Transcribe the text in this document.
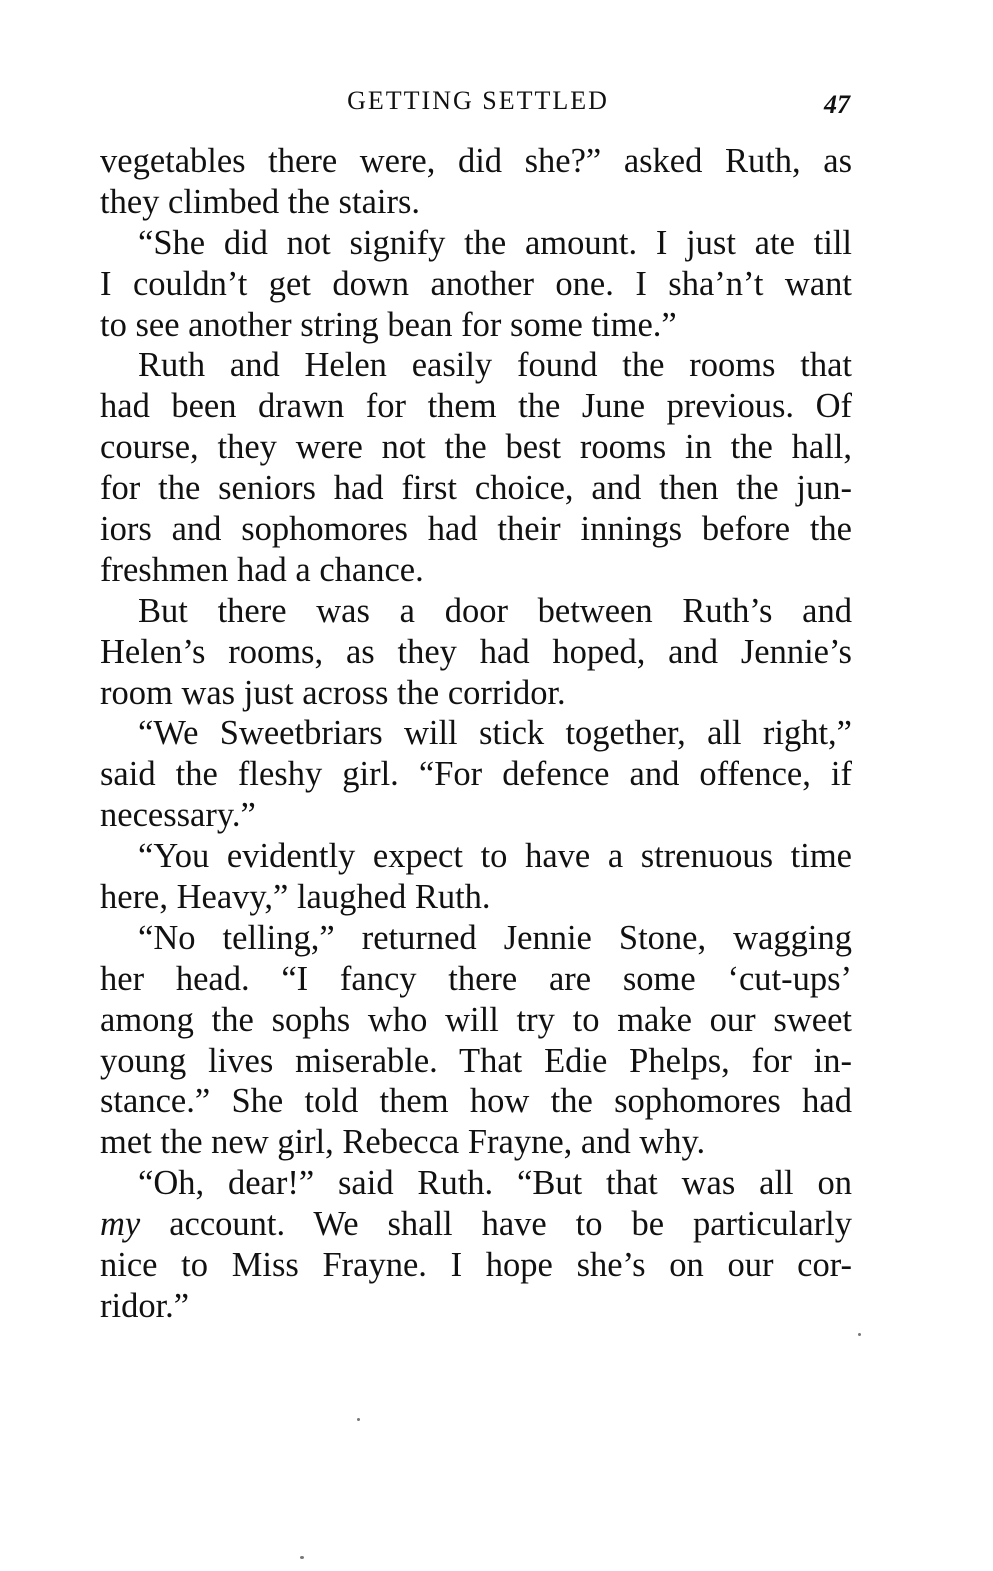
GETTING SETTLED	47
vegetables there were, did she?” asked Ruth, as
they climbed the stairs.
“She did not signify the amount. I just ate till
I couldn’t get down another one. I sha’n’t want
to see another string bean for some time.”
Ruth and Helen easily found the rooms that
had been drawn for them the June previous. Of
course, they were not the best rooms in the hall,
for the seniors had first choice, and then the jun-
iors and sophomores had their innings before the
freshmen had a chance.
But there was a door between Ruth’s and
Helen’s rooms, as they had hoped, and Jennie’s
room was just across the corridor.
“We Sweetbriars will stick together, all right,”
said the fleshy girl. “For defence and offence, if
necessary.”
“You evidently expect to have a strenuous time
here, Heavy,” laughed Ruth.
“No telling,” returned Jennie Stone, wagging
her head. “I fancy there are some ‘cut-ups’
among the sophs who will try to make our sweet
young lives miserable. That Edie Phelps, for in-
stance.” She told them how the sophomores had
met the new girl, Rebecca Frayne, and why.
“Oh, dear!” said Ruth. “But that was all on
my account. We shall have to be particularly
nice to Miss Frayne. I hope she’s on our cor-
ridor.”
